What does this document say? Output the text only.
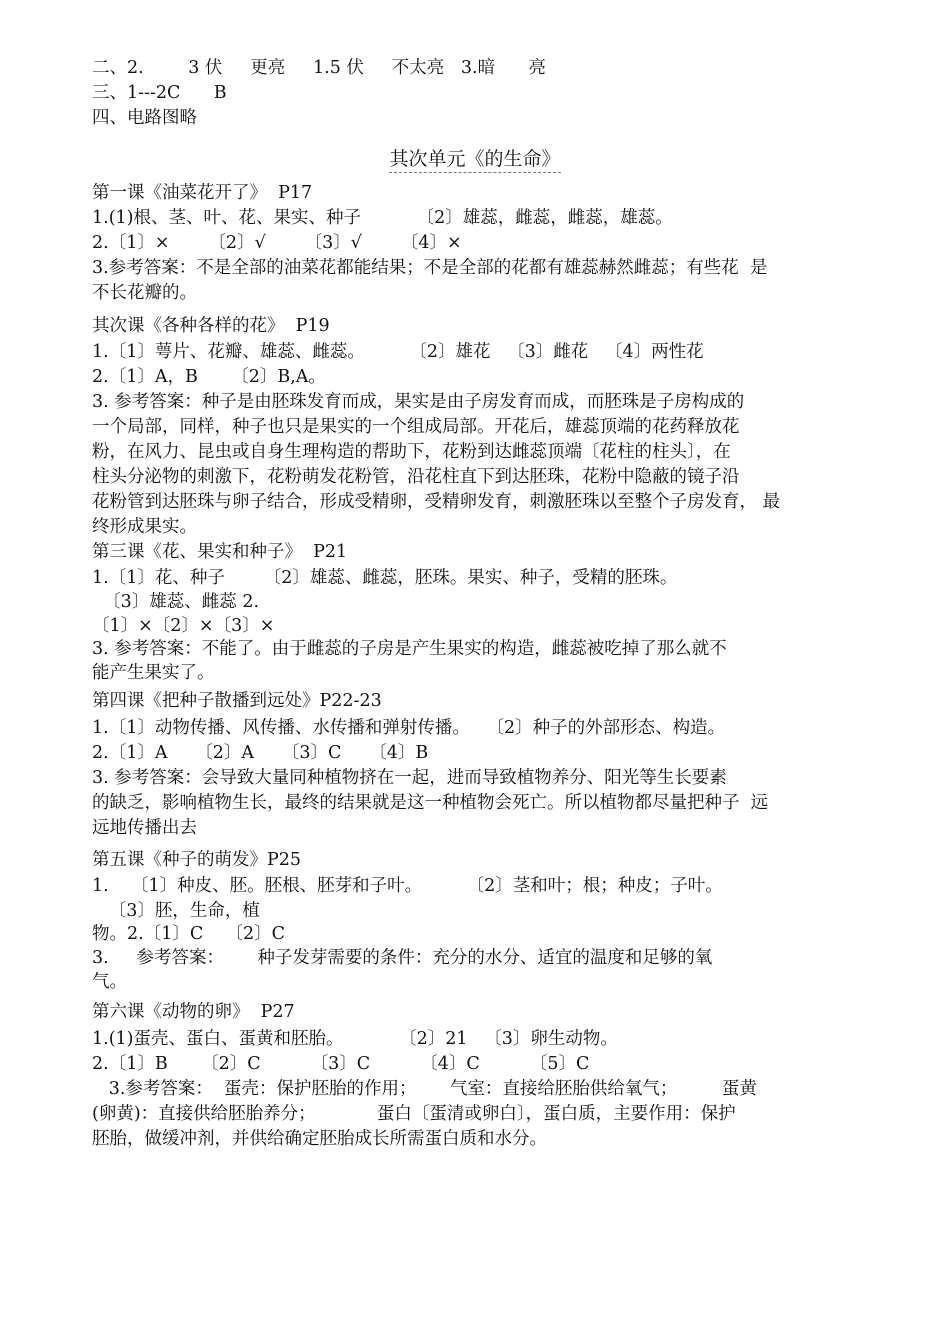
二、2.        3 伏     更亮     1.5 伏     不太亮   3.暗      亮
三、1---2C      B
四、电路图略
其次单元《的生命》
第一课《油菜花开了》  P17
1.(1)根、茎、叶、花、果实、种子          〔2〕雄蕊，雌蕊，雌蕊，雄蕊。
2.〔1〕×       〔2〕√       〔3〕√       〔4〕×
3.参考答案：不是全部的油菜花都能结果；不是全部的花都有雄蕊赫然雌蕊；有些花  是
不长花瓣的。
其次课《各种各样的花》  P19
1.〔1〕萼片、花瓣、雄蕊、雌蕊。        〔2〕雄花   〔3〕雌花   〔4〕两性花
2.〔1〕A，B      〔2〕B,A。
3. 参考答案：种子是由胚珠发育而成，果实是由子房发育而成，而胚珠是子房构成的
一个局部，同样，种子也只是果实的一个组成局部。开花后，雄蕊顶端的花药释放花
粉，在风力、昆虫或自身生理构造的帮助下，花粉到达雌蕊顶端〔花柱的柱头〕，在
柱头分泌物的刺激下，花粉萌发花粉管，沿花柱直下到达胚珠，花粉中隐蔽的镜子沿
花粉管到达胚珠与卵子结合，形成受精卵，受精卵发育，刺激胚珠以至整个子房发育， 最
终形成果实。
第三课《花、果实和种子》  P21
1.〔1〕花、种子       〔2〕雄蕊、雌蕊，胚珠。果实、种子，受精的胚珠。
〔3〕雄蕊、雌蕊 2.
〔1〕×〔2〕×〔3〕×
3. 参考答案：不能了。由于雌蕊的子房是产生果实的构造，雌蕊被吃掉了那么就不
能产生果实了。
第四课《把种子散播到远处》P22-23
1.〔1〕动物传播、风传播、水传播和弹射传播。   〔2〕种子的外部形态、构造。
2.〔1〕A     〔2〕A     〔3〕C     〔4〕B
3. 参考答案：会导致大量同种植物挤在一起，进而导致植物养分、阳光等生长要素
的缺乏，影响植物生长，最终的结果就是这一种植物会死亡。所以植物都尽量把种子  远
远地传播出去
第五课《种子的萌发》P25
1.    〔1〕种皮、胚。胚根、胚芽和子叶。        〔2〕茎和叶；根；种皮；子叶。
〔3〕胚，生命，植
物。2.〔1〕C    〔2〕C
3.     参考答案：      种子发芽需要的条件：充分的水分、适宜的温度和足够的氧
气。
第六课《动物的卵》  P27
1.(1)蛋壳、蛋白、蛋黄和胚胎。          〔2〕21   〔3〕卵生动物。
2.〔1〕B      〔2〕C         〔3〕C         〔4〕C         〔5〕C
3.参考答案：  蛋壳：保护胚胎的作用；      气室：直接给胚胎供给氧气；        蛋黄
(卵黄)：直接供给胚胎养分；           蛋白〔蛋清或卵白〕，蛋白质，主要作用：保护
胚胎，做缓冲剂，并供给确定胚胎成长所需蛋白质和水分。
